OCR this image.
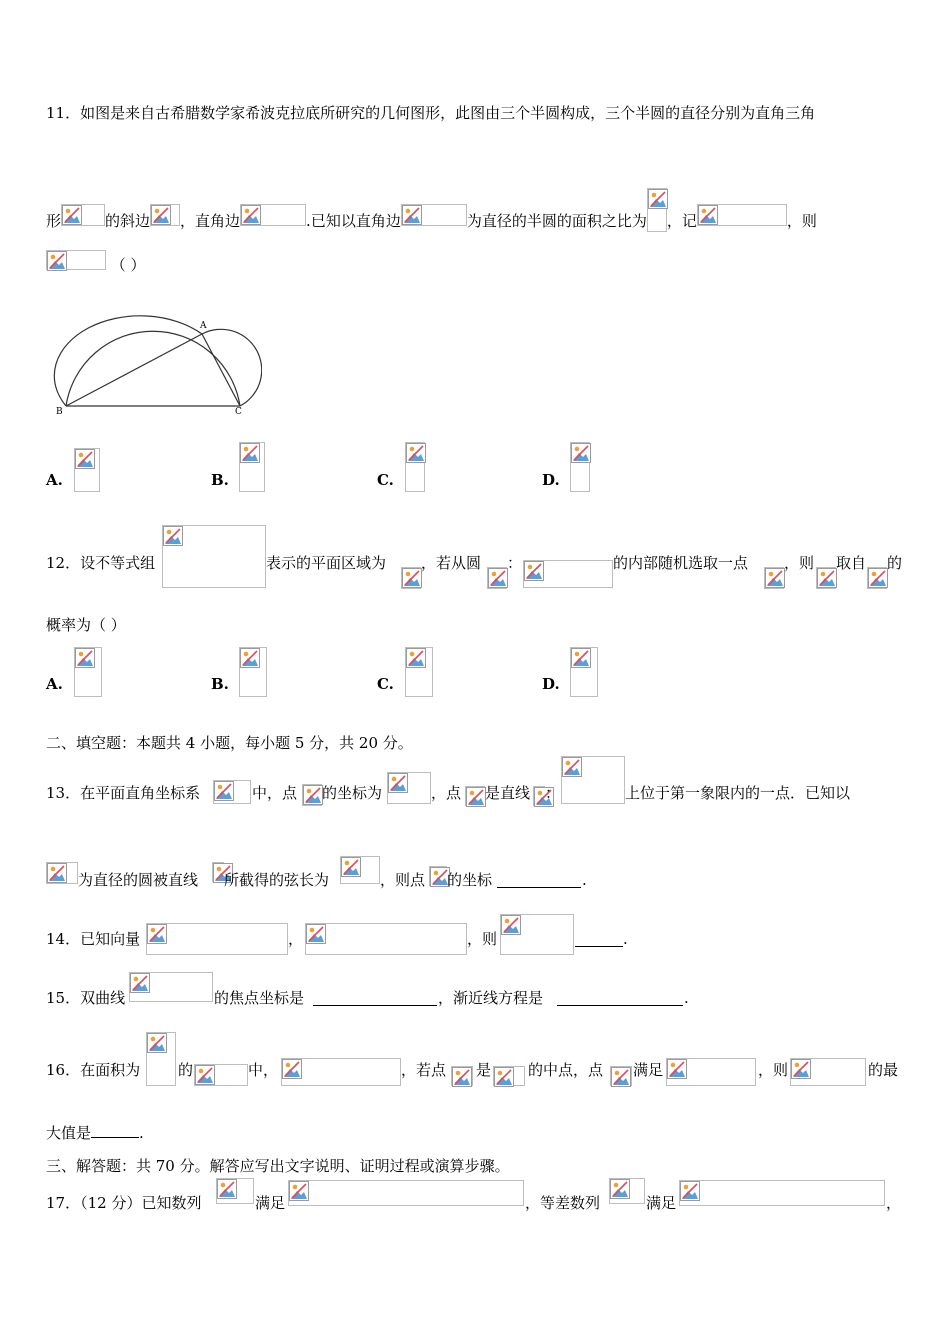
11．如图是来自古希腊数学家希波克拉底所研究的几何图形，此图由三个半圆构成，三个半圆的直径分别为直角三角
形	的斜边 ，直角边	.已知以直角边	为直径的半圆的面积之比为 ，记	，则
（ ）
A
B	C
A.	B.	C.	D.
12．设不等式组	表示的平面区域为 ，若从圆 ：	的内部随机选取一点 ，则 取自 的
概率为（ ）
A.	B.	C.	D.
二、填空题：本题共 4 小题，每小题 5 分，共 20 分。
13．在平面直角坐标系	中，点 的坐标为	，点 是直线 ：	上位于第一象限内的一点．已知以
为直径的圆被直线 所截得的弦长为	，则点 的坐标	.
14．已知向量	，	，则	.
15．双曲线	的焦点坐标是	，渐近线方程是	.
16．在面积为	的	中，	，若点 是 的中点，点 满足	，则	的最
大值是	.
三、解答题：共 70 分。解答应写出文字说明、证明过程或演算步骤。
17．（12 分）已知数列	满足	，等差数列	满足	，
